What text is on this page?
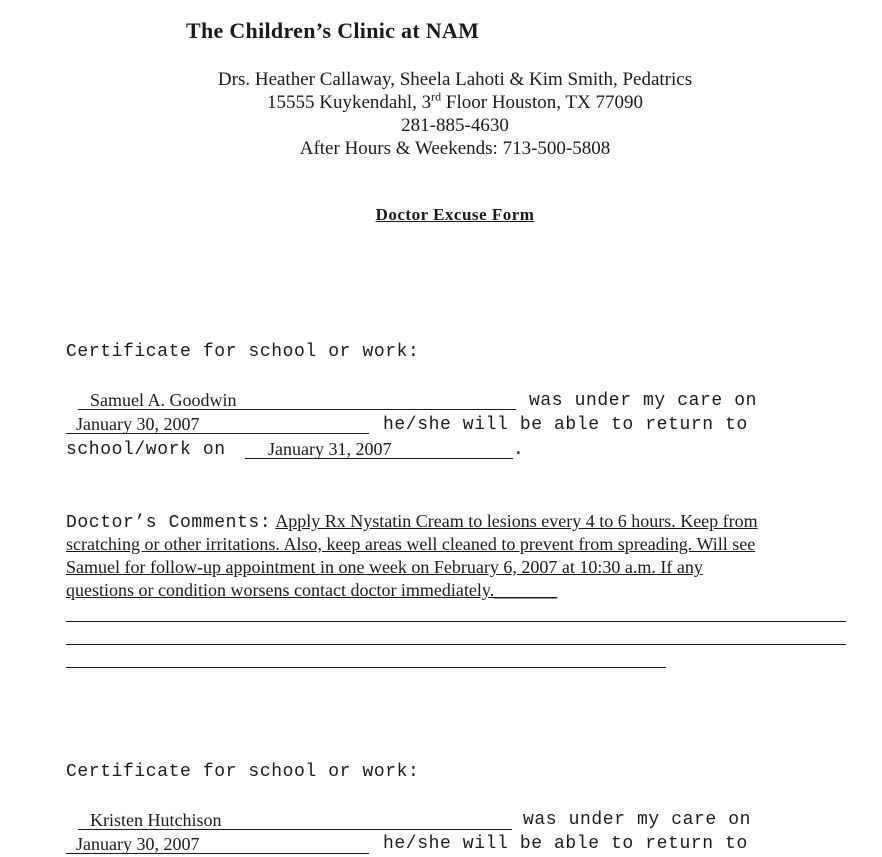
The Children’s Clinic at NAM
Drs. Heather Callaway, Sheela Lahoti & Kim Smith, Pedatrics
15555 Kuykendahl, 3rd Floor Houston, TX 77090
281-885-4630
After Hours & Weekends: 713-500-5808
Doctor Excuse Form
Certificate for school or work:
Samuel A. Goodwin	was under my care on
January 30, 2007	he/she will be able to return to
school/work on January 31, 2007	.
Doctor’s Comments: Apply Rx Nystatin Cream to lesions every 4 to 6 hours. Keep from
scratching or other irritations. Also, keep areas well cleaned to prevent from spreading. Will see
Samuel for follow-up appointment in one week on February 6, 2007 at 10:30 a.m. If any
questions or condition worsens contact doctor immediately._______
Certificate for school or work:
Kristen Hutchison	was under my care on
January 30, 2007	he/she will be able to return to
